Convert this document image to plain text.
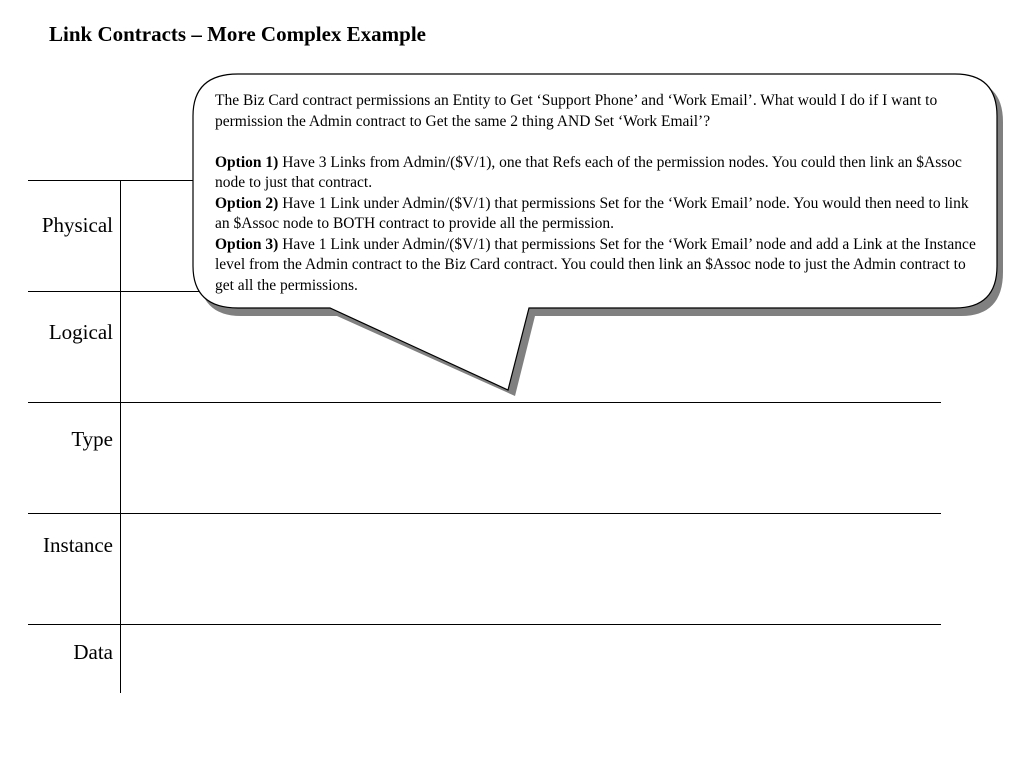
Link Contracts – More Complex Example
Physical
Logical
Type
Instance
Data

The Biz Card contract permissions an Entity to Get ‘Support Phone’ and ‘Work Email’. What would I do if I want to permission the Admin contract to Get the same 2 thing AND Set ‘Work Email’?

Option 1) Have 3 Links from Admin/($V/1), one that Refs each of the permission nodes. You could then link an $Assoc node to just that contract.

Option 2) Have 1 Link under Admin/($V/1) that permissions Set for the ‘Work Email’ node. You would then need to link an $Assoc node to BOTH contract to provide all the permission.

Option 3) Have 1 Link under Admin/($V/1) that permissions Set for the ‘Work Email’ node and add a Link at the Instance level from the Admin contract to the Biz Card contract. You could then link an $Assoc node to just the Admin contract to get all the permissions.
